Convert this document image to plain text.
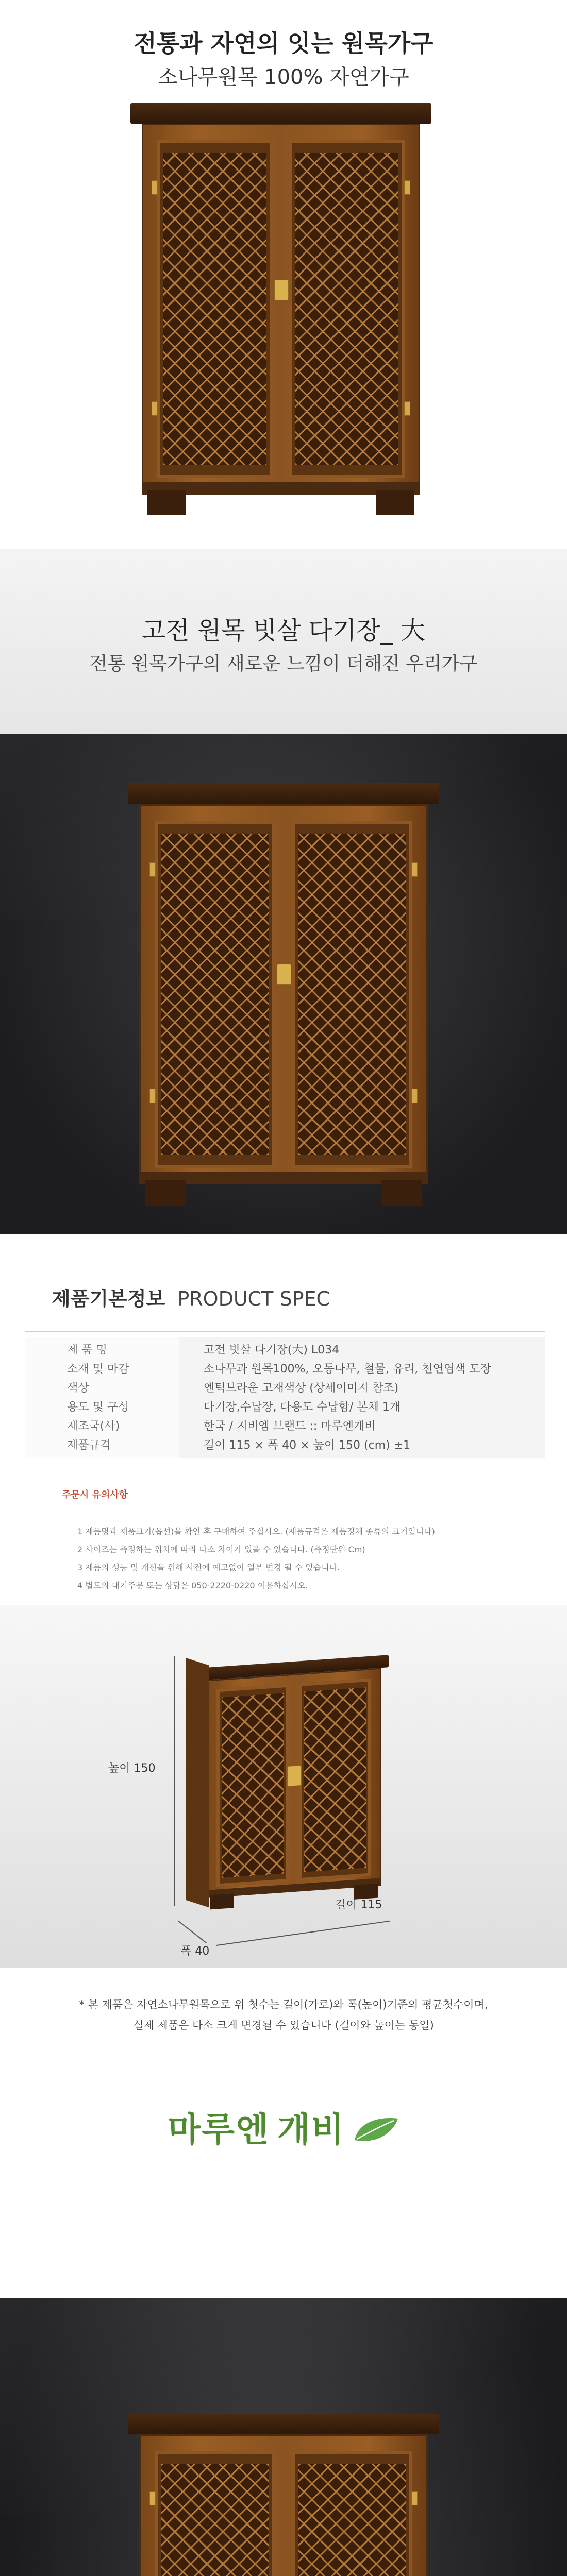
전통과 자연의 잇는 원목가구
소나무원목 100% 자연가구
고전 원목 빗살 다기장_ 大
전통 원목가구의 새로운 느낌이 더해진 우리가구
제품기본정보 PRODUCT SPEC
제 품 명	고전 빗살 다기장(大) L034
소재 및 마감	소나무과 원목100%, 오동나무, 철물, 유리, 천연염색 도장
색상	엔틱브라운 고재색상 (상세이미지 참조)
용도 및 구성	다기장,수납장, 다용도 수납함/ 본체 1개
제조국(사)	한국 / 지비엠 브랜드 :: 마루엔개비
제품규격	길이 115 × 폭 40 × 높이 150 (cm) ±1
주문시 유의사항

1 제품명과 제품크기(옵션)을 확인 후 구매하여 주십시오. (제품규격은 제품정체 종류의 크기입니다)

2 사이즈는 측정하는 위치에 따라 다소 차이가 있을 수 있습니다. (측정단위 Cm)

3 제품의 성능 및 개선을 위해 사전에 예고없이 일부 변경 될 수 있습니다.

4 별도의 대기주문 또는 상담은 050-2220-0220 이용하십시오.

높이 150
폭 40
길이 115
* 본 제품은 자연소나무원목으로 위 첫수는 길이(가로)와 폭(높이)기준의 평균첫수이며,
실제 제품은 다소 크게 변경될 수 있습니다 (길이와 높이는 동일)
마루엔 개비
